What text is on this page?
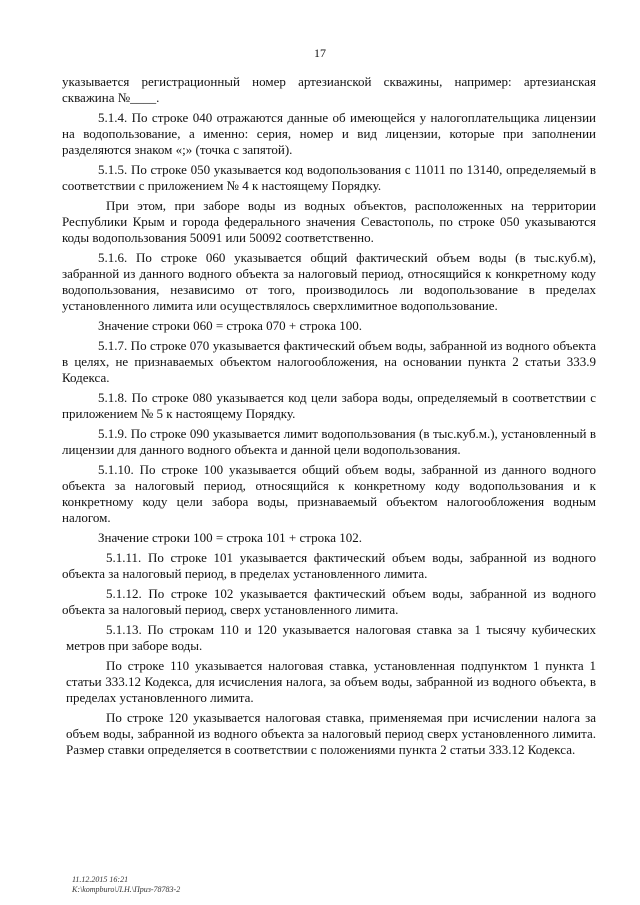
17

указывается регистрационный номер артезианской скважины, например: артезианская скважина №____.

5.1.4. По строке 040 отражаются данные об имеющейся у налогоплательщика лицензии на водопользование, а именно: серия, номер и вид лицензии, которые при заполнении разделяются знаком «;» (точка с запятой).

5.1.5. По строке 050 указывается код водопользования с 11011 по 13140, определяемый в соответствии с приложением № 4 к настоящему Порядку.

При этом, при заборе воды из водных объектов, расположенных на территории Республики Крым и города федерального значения Севастополь, по строке 050 указываются коды водопользования 50091 или 50092 соответственно.

5.1.6. По строке 060 указывается общий фактический объем воды (в тыс.куб.м), забранной из данного водного объекта за налоговый период, относящийся к конкретному коду водопользования, независимо от того, производилось ли водопользование в пределах установленного лимита или осуществлялось сверхлимитное водопользование.

Значение строки 060 = строка 070 + строка 100.

5.1.7. По строке 070 указывается фактический объем воды, забранной из водного объекта в целях, не признаваемых объектом налогообложения, на основании пункта 2 статьи 333.9 Кодекса.

5.1.8. По строке 080 указывается код цели забора воды, определяемый в соответствии с приложением № 5 к настоящему Порядку.

5.1.9. По строке 090 указывается лимит водопользования (в тыс.куб.м.), установленный в лицензии для данного водного объекта и данной цели водопользования.

5.1.10. По строке 100 указывается общий объем воды, забранной из данного водного объекта за налоговый период, относящийся к конкретному коду водопользования и к конкретному коду цели забора воды, признаваемый объектом налогообложения водным налогом.

Значение строки 100 = строка 101 + строка 102.

5.1.11. По строке 101 указывается фактический объем воды, забранной из водного объекта за налоговый период, в пределах установленного лимита.

5.1.12. По строке 102 указывается фактический объем воды, забранной из водного объекта за налоговый период, сверх установленного лимита.

5.1.13. По строкам 110 и 120 указывается налоговая ставка за 1 тысячу кубических метров при заборе воды.

По строке 110 указывается налоговая ставка, установленная подпунктом 1 пункта 1 статьи 333.12 Кодекса, для исчисления налога, за объем воды, забранной из водного объекта, в пределах установленного лимита.

По строке 120 указывается налоговая ставка, применяемая при исчислении налога за объем воды, забранной из водного объекта за налоговый период сверх установленного лимита. Размер ставки определяется в соответствии с положениями пункта 2 статьи 333.12 Кодекса.

11.12.2015 16:21
К:\kompburo\Л.Н.\Приз-78783-2
